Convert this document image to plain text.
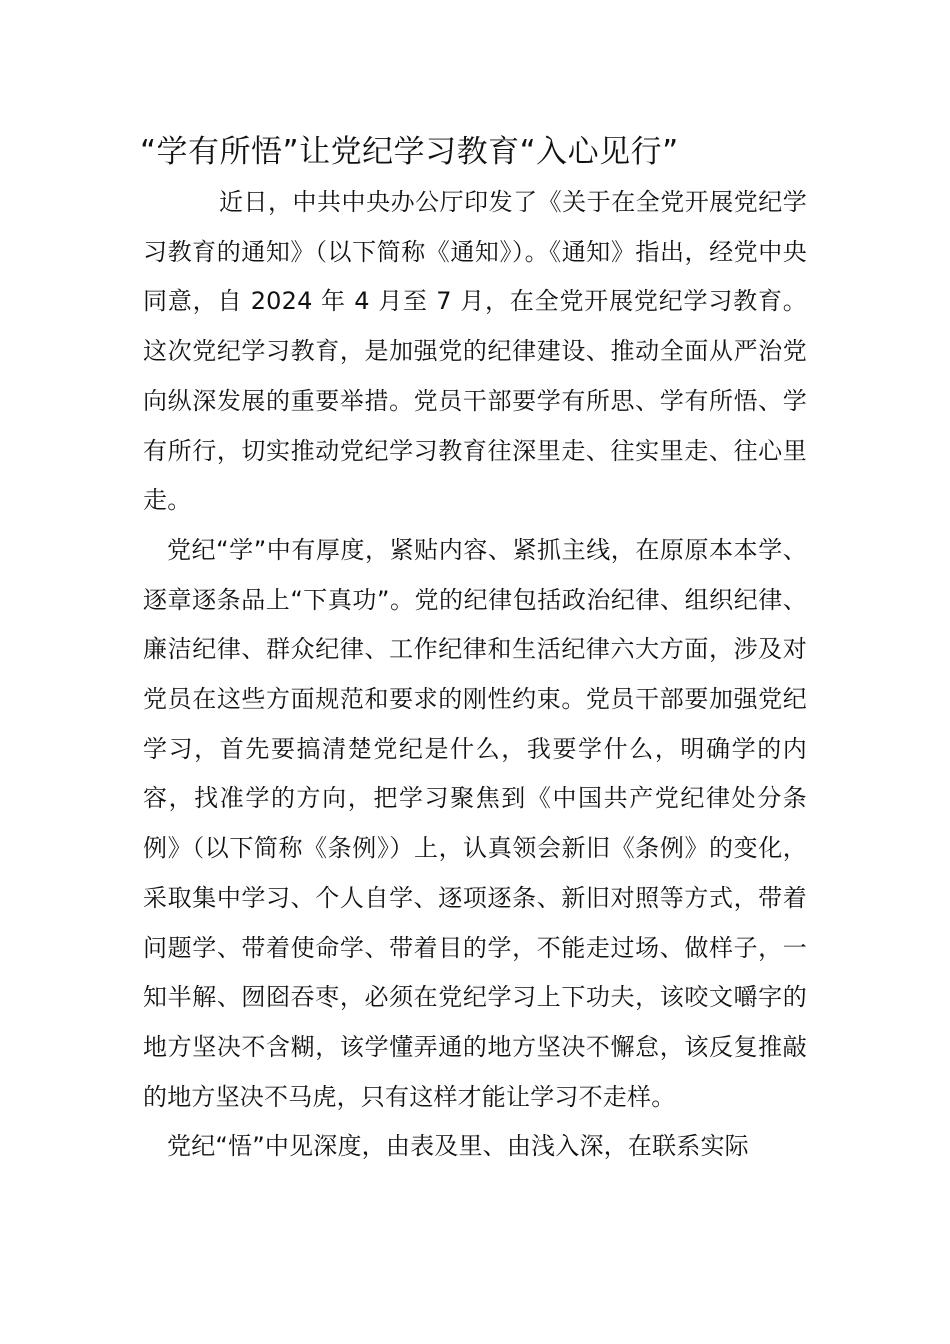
“学有所悟”让党纪学习教育“入心见行”

近日，中共中央办公厅印发了《关于在全党开展党纪学习教育的通知》（以下简称《通知》）。《通知》指出，经党中央同意，自 2024 年 4 月至 7 月，在全党开展党纪学习教育。这次党纪学习教育，是加强党的纪律建设、推动全面从严治党向纵深发展的重要举措。党员干部要学有所思、学有所悟、学有所行，切实推动党纪学习教育往深里走、往实里走、往心里走。

党纪“学”中有厚度，紧贴内容、紧抓主线，在原原本本学、逐章逐条品上“下真功”。党的纪律包括政治纪律、组织纪律、廉洁纪律、群众纪律、工作纪律和生活纪律六大方面，涉及对党员在这些方面规范和要求的刚性约束。党员干部要加强党纪学习，首先要搞清楚党纪是什么，我要学什么，明确学的内容，找准学的方向，把学习聚焦到《中国共产党纪律处分条例》（以下简称《条例》）上，认真领会新旧《条例》的变化，采取集中学习、个人自学、逐项逐条、新旧对照等方式，带着问题学、带着使命学、带着目的学，不能走过场、做样子，一知半解、囫囵吞枣，必须在党纪学习上下功夫，该咬文嚼字的地方坚决不含糊，该学懂弄通的地方坚决不懈怠，该反复推敲的地方坚决不马虎，只有这样才能让学习不走样。

党纪“悟”中见深度，由表及里、由浅入深，在联系实际
